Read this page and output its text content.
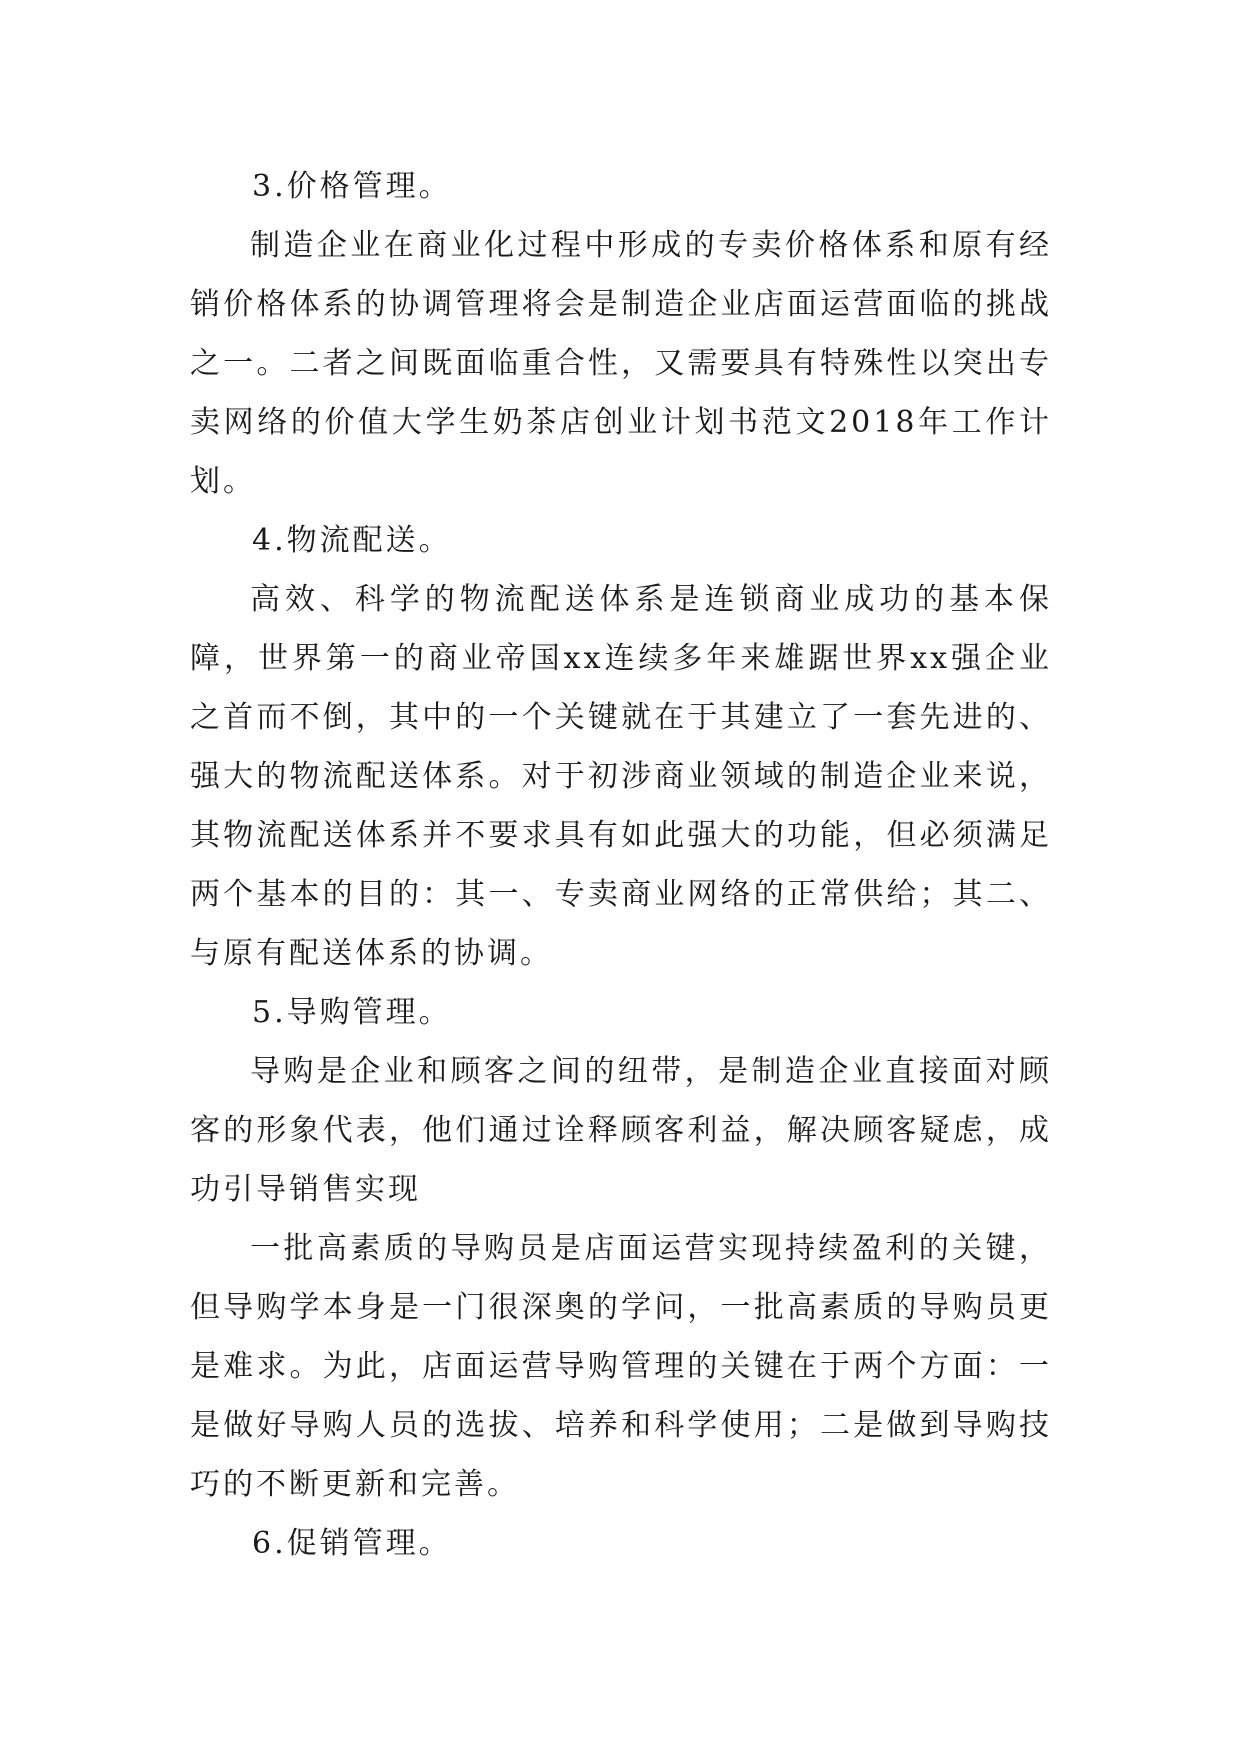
3.价格管理。

制造企业在商业化过程中形成的专卖价格体系和原有经销价格体系的协调管理将会是制造企业店面运营面临的挑战之一。二者之间既面临重合性，又需要具有特殊性以突出专卖网络的价值大学生奶茶店创业计划书范文2018年工作计划。

4.物流配送。

高效、科学的物流配送体系是连锁商业成功的基本保障，世界第一的商业帝国xx连续多年来雄踞世界xx强企业之首而不倒，其中的一个关键就在于其建立了一套先进的、强大的物流配送体系。对于初涉商业领域的制造企业来说，其物流配送体系并不要求具有如此强大的功能，但必须满足两个基本的目的：其一、专卖商业网络的正常供给；其二、与原有配送体系的协调。

5.导购管理。

导购是企业和顾客之间的纽带，是制造企业直接面对顾客的形象代表，他们通过诠释顾客利益，解决顾客疑虑，成功引导销售实现

一批高素质的导购员是店面运营实现持续盈利的关键，但导购学本身是一门很深奥的学问，一批高素质的导购员更是难求。为此，店面运营导购管理的关键在于两个方面：一是做好导购人员的选拔、培养和科学使用；二是做到导购技巧的不断更新和完善。

6.促销管理。
